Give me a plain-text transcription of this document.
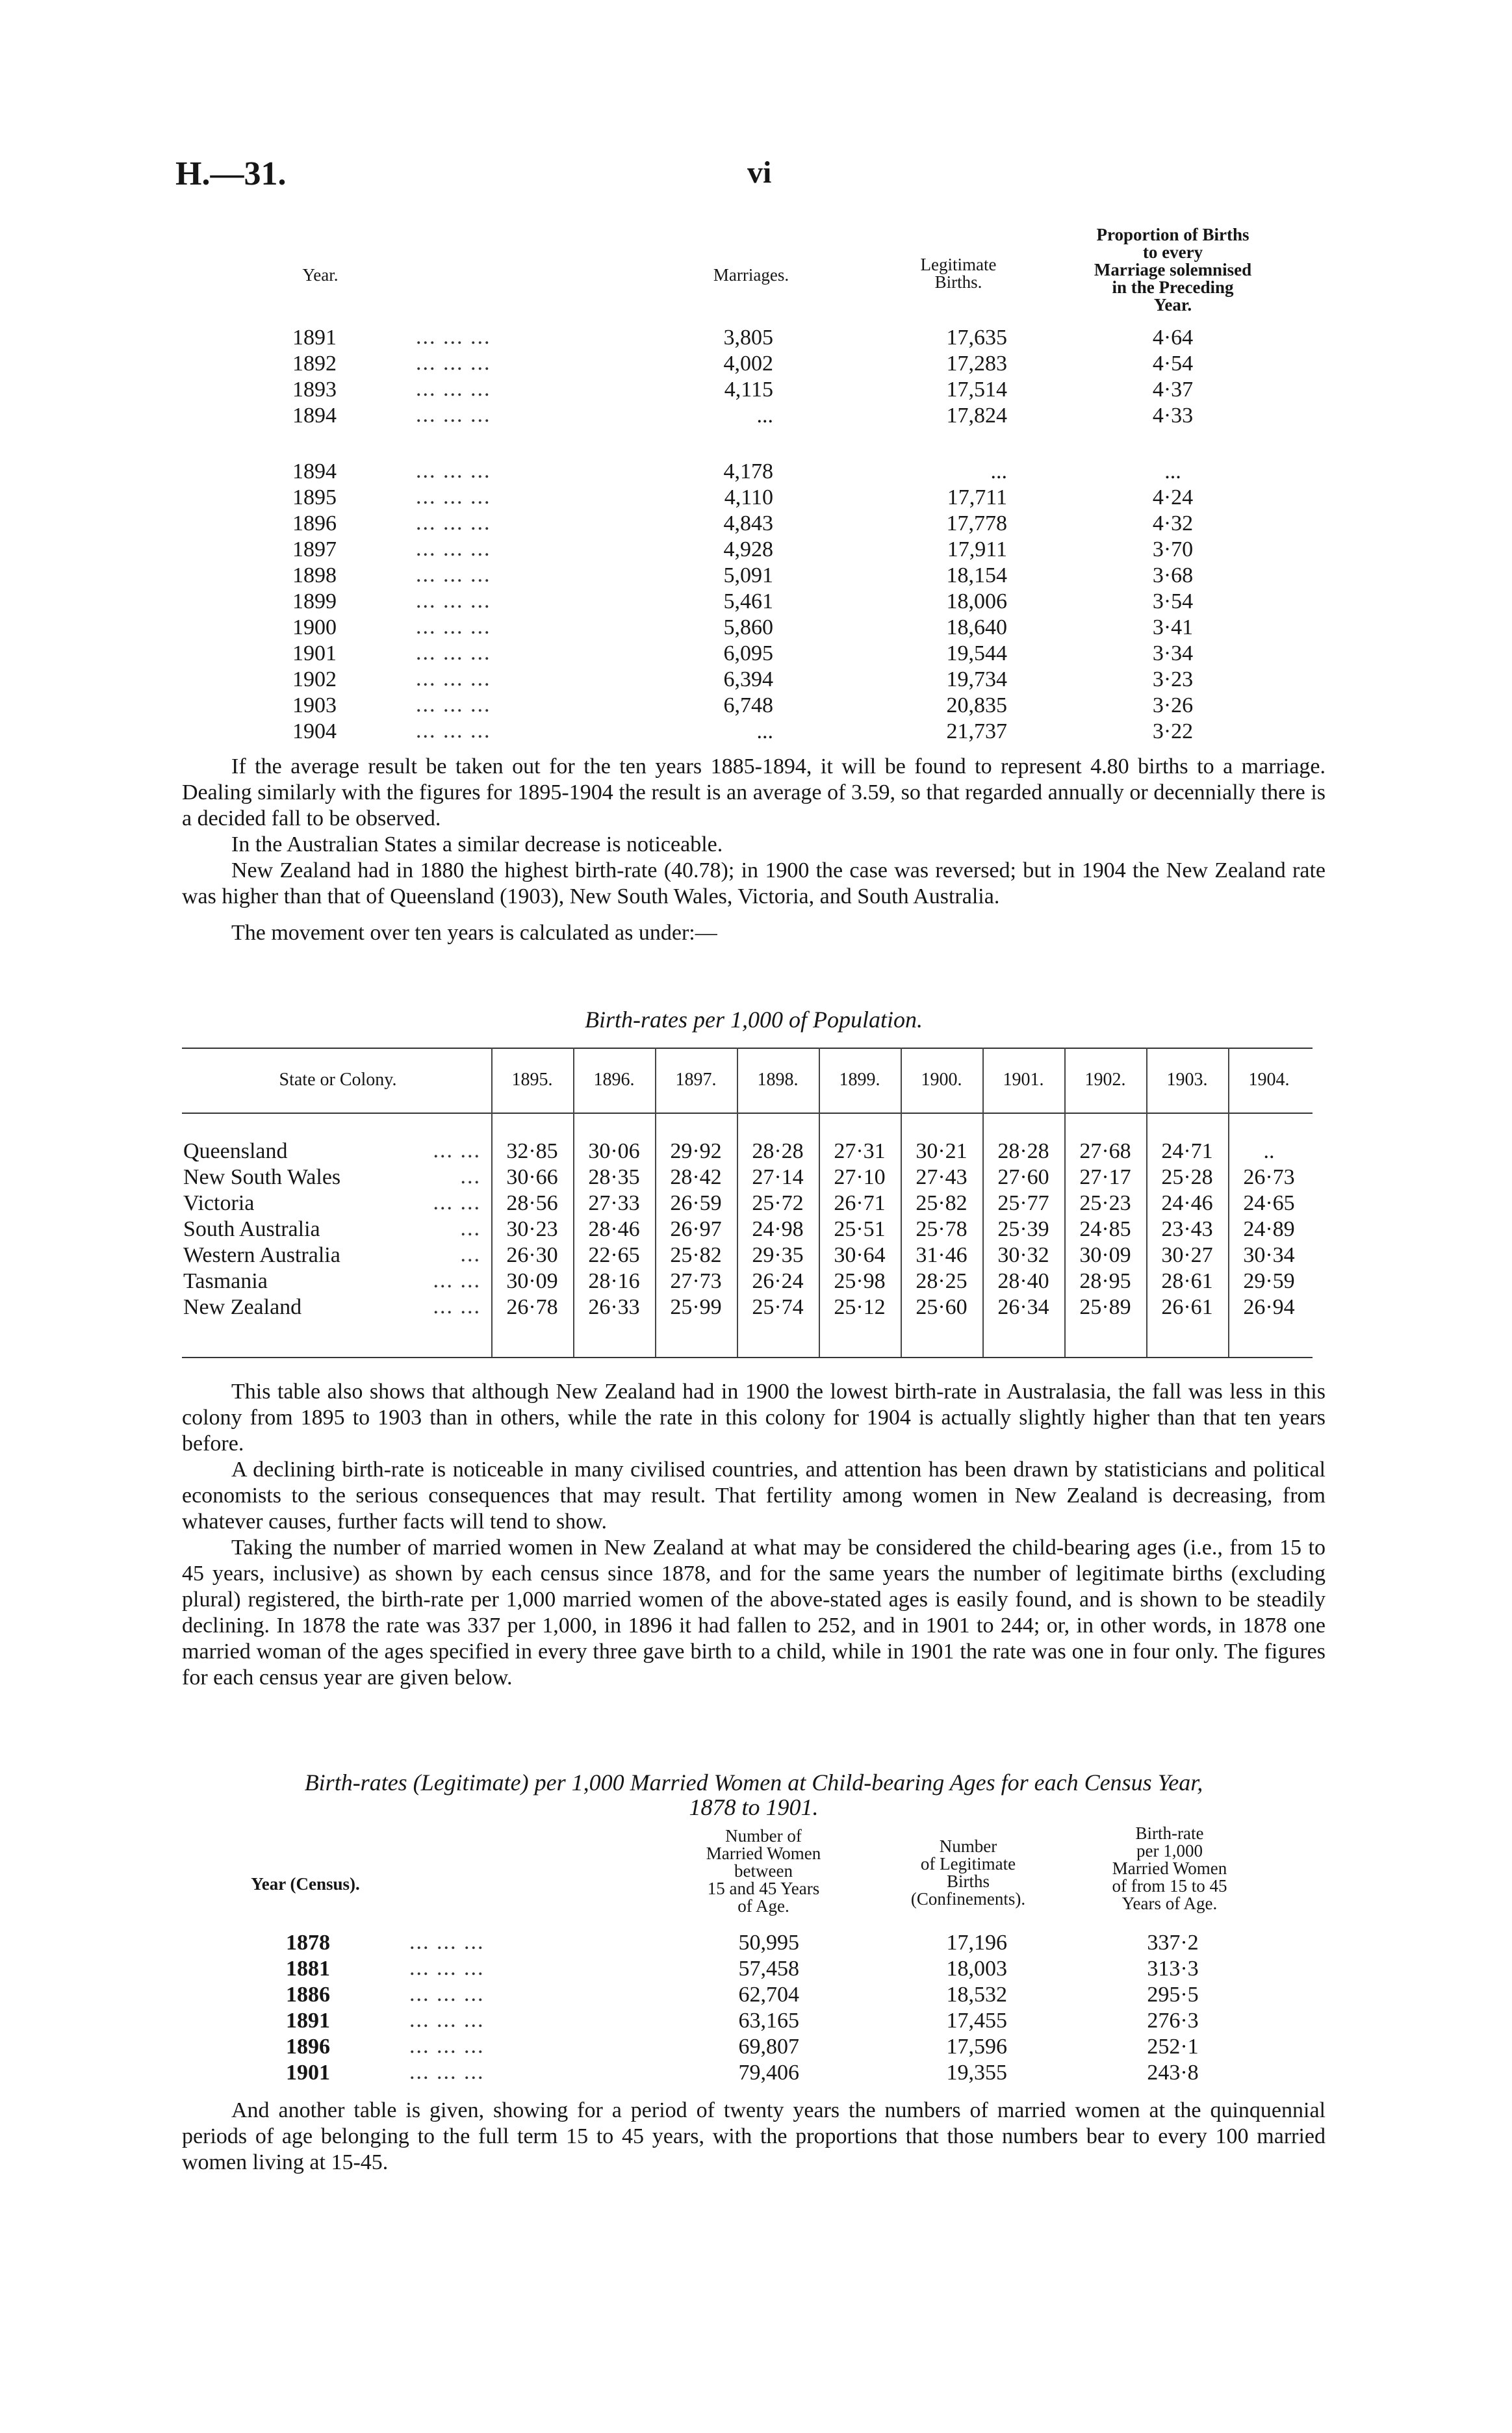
H.—31.	vi
Year.	Marriages.
Legitimate
Births.
Proportion of Births
to every
Marriage solemnised
in the Preceding
Year.
1891	... ... ...	3,805	17,635	4·64
1892	... ... ...	4,002	17,283	4·54
1893	... ... ...	4,115	17,514	4·37
1894	... ... ...	...	17,824	4·33
1894	... ... ...	4,178	...	...
1895	... ... ...	4,110	17,711	4·24
1896	... ... ...	4,843	17,778	4·32
1897	... ... ...	4,928	17,911	3·70
1898	... ... ...	5,091	18,154	3·68
1899	... ... ...	5,461	18,006	3·54
1900	... ... ...	5,860	18,640	3·41
1901	... ... ...	6,095	19,544	3·34
1902	... ... ...	6,394	19,734	3·23
1903	... ... ...	6,748	20,835	3·26
1904	... ... ...	...	21,737	3·22

If the average result be taken out for the ten years 1885-1894, it will be found to represent 4.80 births to a marriage. Dealing similarly with the figures for 1895-1904 the result is an average of 3.59, so that regarded annually or decennially there is a decided fall to be observed.

In the Australian States a similar decrease is noticeable.

New Zealand had in 1880 the highest birth-rate (40.78); in 1900 the case was reversed; but in 1904 the New Zealand rate was higher than that of Queensland (1903), New South Wales, Victoria, and South Australia.

The movement over ten years is calculated as under:—

Birth-rates per 1,000 of Population.
State or Colony.	1895.	1896.	1897.	1898.	1899.	1900.	1901.	1902.	1903.	1904.
Queensland	... ...	32·85	30·06	29·92	28·28	27·31	30·21	28·28	27·68	24·71	..
New South Wales	...	30·66	28·35	28·42	27·14	27·10	27·43	27·60	27·17	25·28	26·73
Victoria	... ...	28·56	27·33	26·59	25·72	26·71	25·82	25·77	25·23	24·46	24·65
South Australia	...	30·23	28·46	26·97	24·98	25·51	25·78	25·39	24·85	23·43	24·89
Western Australia	...	26·30	22·65	25·82	29·35	30·64	31·46	30·32	30·09	30·27	30·34
Tasmania	... ...	30·09	28·16	27·73	26·24	25·98	28·25	28·40	28·95	28·61	29·59
New Zealand	... ...	26·78	26·33	25·99	25·74	25·12	25·60	26·34	25·89	26·61	26·94

This table also shows that although New Zealand had in 1900 the lowest birth-rate in Australasia, the fall was less in this colony from 1895 to 1903 than in others, while the rate in this colony for 1904 is actually slightly higher than that ten years before.

A declining birth-rate is noticeable in many civilised countries, and attention has been drawn by statisticians and political economists to the serious consequences that may result. That fertility among women in New Zealand is decreasing, from whatever causes, further facts will tend to show.

Taking the number of married women in New Zealand at what may be considered the child-bearing ages (i.e., from 15 to 45 years, inclusive) as shown by each census since 1878, and for the same years the number of legitimate births (excluding plural) registered, the birth-rate per 1,000 married women of the above-stated ages is easily found, and is shown to be steadily declining. In 1878 the rate was 337 per 1,000, in 1896 it had fallen to 252, and in 1901 to 244; or, in other words, in 1878 one married woman of the ages specified in every three gave birth to a child, while in 1901 the rate was one in four only. The figures for each census year are given below.

Birth-rates (Legitimate) per 1,000 Married Women at Child-bearing Ages for each Census Year,
1878 to 1901.
Year (Census).
Number of
Married Women
between
15 and 45 Years
of Age.
Number
of Legitimate
Births
(Confinements).
Birth-rate
per 1,000
Married Women
of from 15 to 45
Years of Age.
1878	... ... ...	50,995	17,196	337·2
1881	... ... ...	57,458	18,003	313·3
1886	... ... ...	62,704	18,532	295·5
1891	... ... ...	63,165	17,455	276·3
1896	... ... ...	69,807	17,596	252·1
1901	... ... ...	79,406	19,355	243·8

And another table is given, showing for a period of twenty years the numbers of married women at the quinquennial periods of age belonging to the full term 15 to 45 years, with the proportions that those numbers bear to every 100 married women living at 15-45.
